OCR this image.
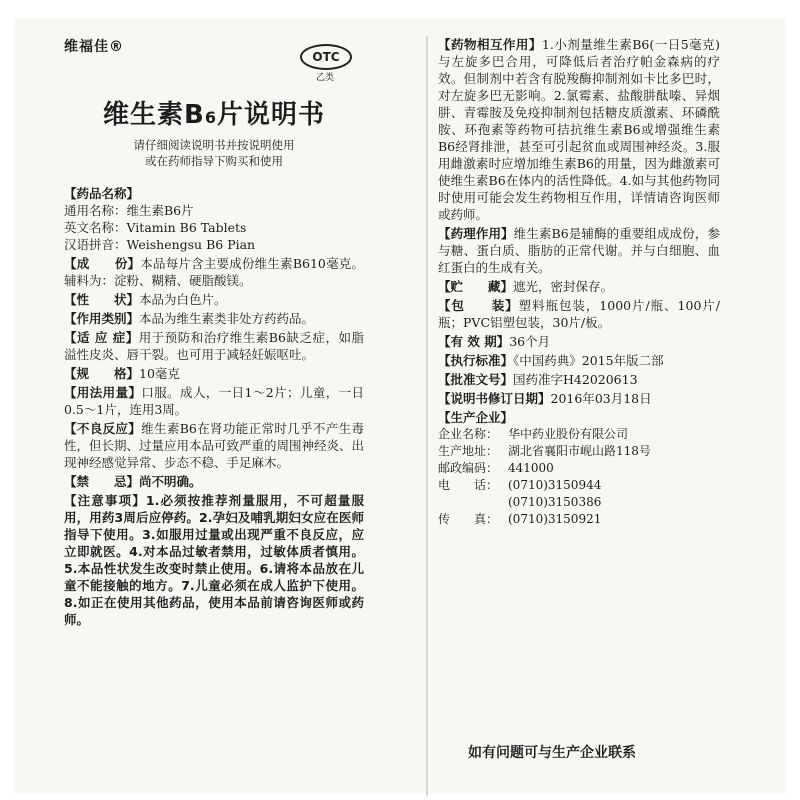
维福佳®
OTC
乙类
维生素B6片说明书
请仔细阅读说明书并按说明使用
或在药师指导下购买和使用
【药品名称】
通用名称：维生素B6片
英文名称：Vitamin B6 Tablets
汉语拼音：Weishengsu B6 Pian
【成　　份】本品每片含主要成份维生素B610毫克。辅料为：淀粉、糊精、硬脂酸镁。
【性　　状】本品为白色片。
【作用类别】本品为维生素类非处方药药品。
【适 应 症】用于预防和治疗维生素B6缺乏症，如脂溢性皮炎、唇干裂。也可用于减轻妊娠呕吐。
【规　　格】10毫克
【用法用量】口服。成人，一日1～2片；儿童，一日0.5～1片，连用3周。
【不良反应】维生素B6在肾功能正常时几乎不产生毒性，但长期、过量应用本品可致严重的周围神经炎、出现神经感觉异常、步态不稳、手足麻木。
【禁　　忌】尚不明确。
【注意事项】1.必须按推荐剂量服用，不可超量服用，用药3周后应停药。2.孕妇及哺乳期妇女应在医师指导下使用。3.如服用过量或出现严重不良反应，应立即就医。4.对本品过敏者禁用，过敏体质者慎用。5.本品性状发生改变时禁止使用。6.请将本品放在儿童不能接触的地方。7.儿童必须在成人监护下使用。8.如正在使用其他药品，使用本品前请咨询医师或药师。
【药物相互作用】1.小剂量维生素B6(一日5毫克)与左旋多巴合用，可降低后者治疗帕金森病的疗效。但制剂中若含有脱羧酶抑制剂如卡比多巴时，对左旋多巴无影响。2.氯霉素、盐酸肼酞嗪、异烟肼、青霉胺及免疫抑制剂包括糖皮质激素、环磷酰胺、环孢素等药物可拮抗维生素B6或增强维生素B6经肾排泄，甚至可引起贫血或周围神经炎。3.服用雌激素时应增加维生素B6的用量，因为雌激素可使维生素B6在体内的活性降低。4.如与其他药物同时使用可能会发生药物相互作用，详情请咨询医师或药师。
【药理作用】维生素B6是辅酶的重要组成成份，参与糖、蛋白质、脂肪的正常代谢。并与白细胞、血红蛋白的生成有关。
【贮　　藏】遮光，密封保存。
【包　　装】塑料瓶包装，1000片/瓶、100片/瓶；PVC铝塑包装，30片/板。
【有 效 期】36个月
【执行标准】《中国药典》2015年版二部
【批准文号】国药准字H42020613
【说明书修订日期】2016年03月18日
【生产企业】
企业名称： 华中药业股份有限公司
生产地址： 湖北省襄阳市岘山路118号
邮政编码： 441000
电　　话： (0710)3150944
(0710)3150386
传　　真： (0710)3150921
如有问题可与生产企业联系
